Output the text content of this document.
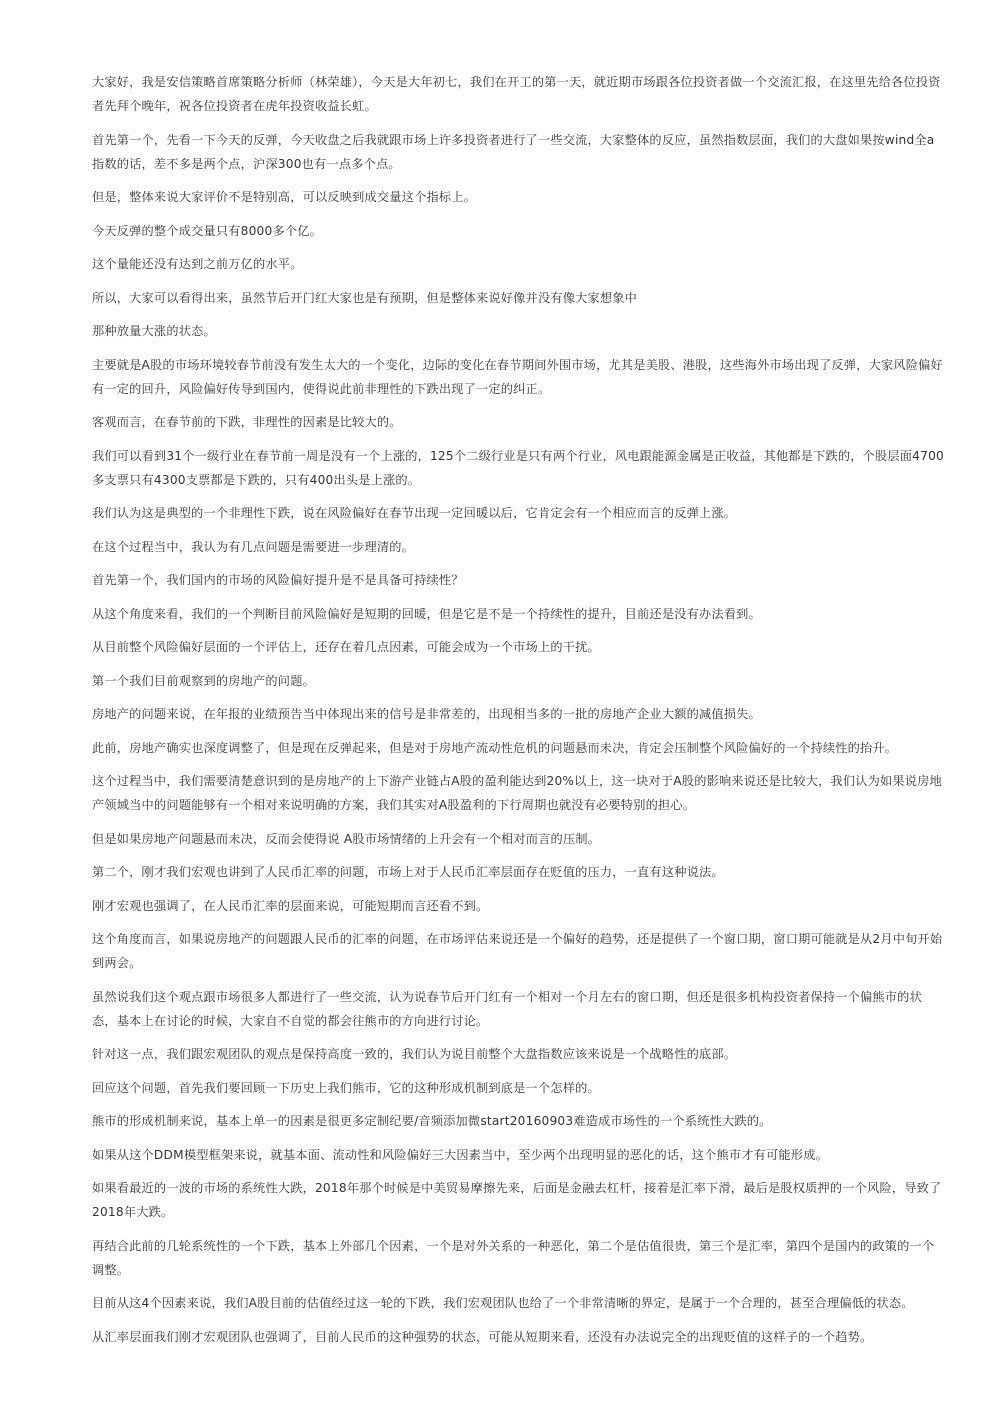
大家好，我是安信策略首席策略分析师（林荣雄），今天是大年初七，我们在开工的第一天，就近期市场跟各位投资者做一个交流汇报，在这里先给各位投资者先拜个晚年，祝各位投资者在虎年投资收益长虹。

首先第一个，先看一下今天的反弹，今天收盘之后我就跟市场上许多投资者进行了一些交流，大家整体的反应，虽然指数层面，我们的大盘如果按wind全a指数的话，差不多是两个点，沪深300也有一点多个点。

但是，整体来说大家评价不是特别高，可以反映到成交量这个指标上。

今天反弹的整个成交量只有8000多个亿。

这个量能还没有达到之前万亿的水平。

所以，大家可以看得出来，虽然节后开门红大家也是有预期，但是整体来说好像并没有像大家想象中

那种放量大涨的状态。

主要就是A股的市场环境较春节前没有发生太大的一个变化，边际的变化在春节期间外围市场，尤其是美股、港股，这些海外市场出现了反弹，大家风险偏好有一定的回升，风险偏好传导到国内，使得说此前非理性的下跌出现了一定的纠正。

客观而言，在春节前的下跌，非理性的因素是比较大的。

我们可以看到31个一级行业在春节前一周是没有一个上涨的，125个二级行业是只有两个行业，风电跟能源金属是正收益，其他都是下跌的，个股层面4700多支票只有4300支票都是下跌的，只有400出头是上涨的。

我们认为这是典型的一个非理性下跌，说在风险偏好在春节出现一定回暖以后，它肯定会有一个相应而言的反弹上涨。

在这个过程当中，我认为有几点问题是需要进一步理清的。

首先第一个，我们国内的市场的风险偏好提升是不是具备可持续性？

从这个角度来看，我们的一个判断目前风险偏好是短期的回暖，但是它是不是一个持续性的提升，目前还是没有办法看到。

从目前整个风险偏好层面的一个评估上，还存在着几点因素，可能会成为一个市场上的干扰。

第一个我们目前观察到的房地产的问题。

房地产的问题来说，在年报的业绩预告当中体现出来的信号是非常差的，出现相当多的一批的房地产企业大额的减值损失。

此前，房地产确实也深度调整了，但是现在反弹起来，但是对于房地产流动性危机的问题悬而未决，肯定会压制整个风险偏好的一个持续性的抬升。

这个过程当中，我们需要清楚意识到的是房地产的上下游产业链占A股的盈利能达到20%以上，这一块对于A股的影响来说还是比较大，我们认为如果说房地产领域当中的问题能够有一个相对来说明确的方案，我们其实对A股盈利的下行周期也就没有必要特别的担心。

但是如果房地产问题悬而未决，反而会使得说 A股市场情绪的上升会有一个相对而言的压制。

第二个，刚才我们宏观也讲到了人民币汇率的问题，市场上对于人民币汇率层面存在贬值的压力，一直有这种说法。

刚才宏观也强调了，在人民币汇率的层面来说，可能短期而言还看不到。

这个角度而言，如果说房地产的问题跟人民币的汇率的问题，在市场评估来说还是一个偏好的趋势，还是提供了一个窗口期，窗口期可能就是从2月中旬开始到两会。

虽然说我们这个观点跟市场很多人都进行了一些交流，认为说春节后开门红有一个相对一个月左右的窗口期，但还是很多机构投资者保持一个偏熊市的状态，基本上在讨论的时候，大家自不自觉的都会往熊市的方向进行讨论。

针对这一点，我们跟宏观团队的观点是保持高度一致的，我们认为说目前整个大盘指数应该来说是一个战略性的底部。

回应这个问题，首先我们要回顾一下历史上我们熊市，它的这种形成机制到底是一个怎样的。

熊市的形成机制来说，基本上单一的因素是很更多定制纪要/音频添加微start20160903难造成市场性的一个系统性大跌的。

如果从这个DDM模型框架来说，就基本面、流动性和风险偏好三大因素当中，至少两个出现明显的恶化的话，这个熊市才有可能形成。

如果看最近的一波的市场的系统性大跌，2018年那个时候是中美贸易摩擦先来，后面是金融去杠杆，接着是汇率下滑，最后是股权质押的一个风险，导致了2018年大跌。

再结合此前的几轮系统性的一个下跌，基本上外部几个因素，一个是对外关系的一种恶化，第二个是估值很贵，第三个是汇率，第四个是国内的政策的一个调整。

目前从这4个因素来说，我们A股目前的估值经过这一轮的下跌，我们宏观团队也给了一个非常清晰的界定，是属于一个合理的，甚至合理偏低的状态。

从汇率层面我们刚才宏观团队也强调了，目前人民币的这种强势的状态，可能从短期来看，还没有办法说完全的出现贬值的这样子的一个趋势。
